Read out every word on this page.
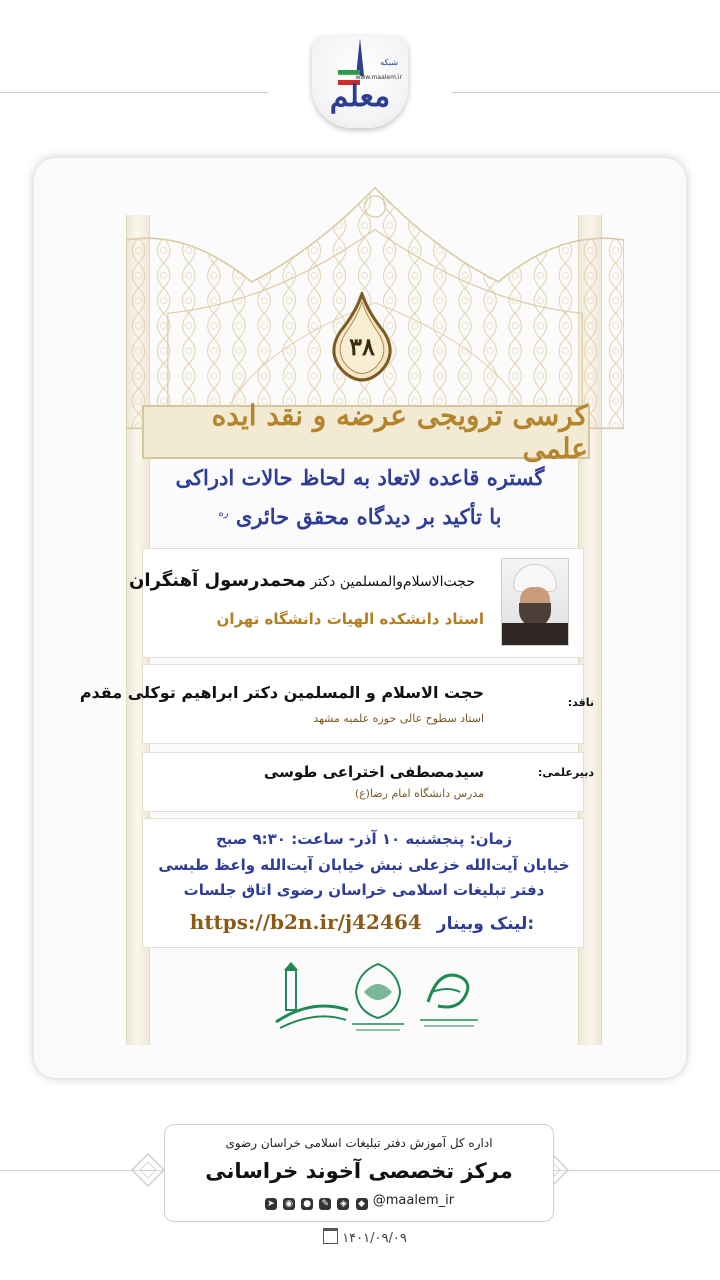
شبکه
www.maalem.ir
معلم
۳۸
کرسی ترویجی عرضه و نقد ایده علمی
گستره قاعده لاتعاد به لحاظ حالات ادراکی
با تأکید بر دیدگاه محقق حائری $^{ره}$
حجت‌الاسلام‌والمسلمین دکتر محمدرسول آهنگران
استاد دانشکده الهیات دانشگاه تهران
ناقد:
حجت الاسلام و المسلمین دکتر ابراهیم توکلی مقدم
استاد سطوح عالی حوزه علمیه مشهد
دبیرعلمی:
سیدمصطفی اختراعی طوسی
مدرس دانشگاه امام رضا(ع)
زمان: پنجشنبه ۱۰ آذر- ساعت: ۹:۳۰ صبح
خیابان آیت‌الله خزعلی نبش خیابان آیت‌الله واعظ طبسی
دفتر تبلیغات اسلامی خراسان رضوی اتاق جلسات
https://b2n.ir/j42464 لینک وبینار:
اداره کل آموزش دفتر تبلیغات اسلامی خراسان رضوی
مرکز تخصصی آخوند خراسانی
➤ ◉ ● ✎ ◈ ◆ @maalem_ir
۱۴۰۱/۰۹/۰۹
